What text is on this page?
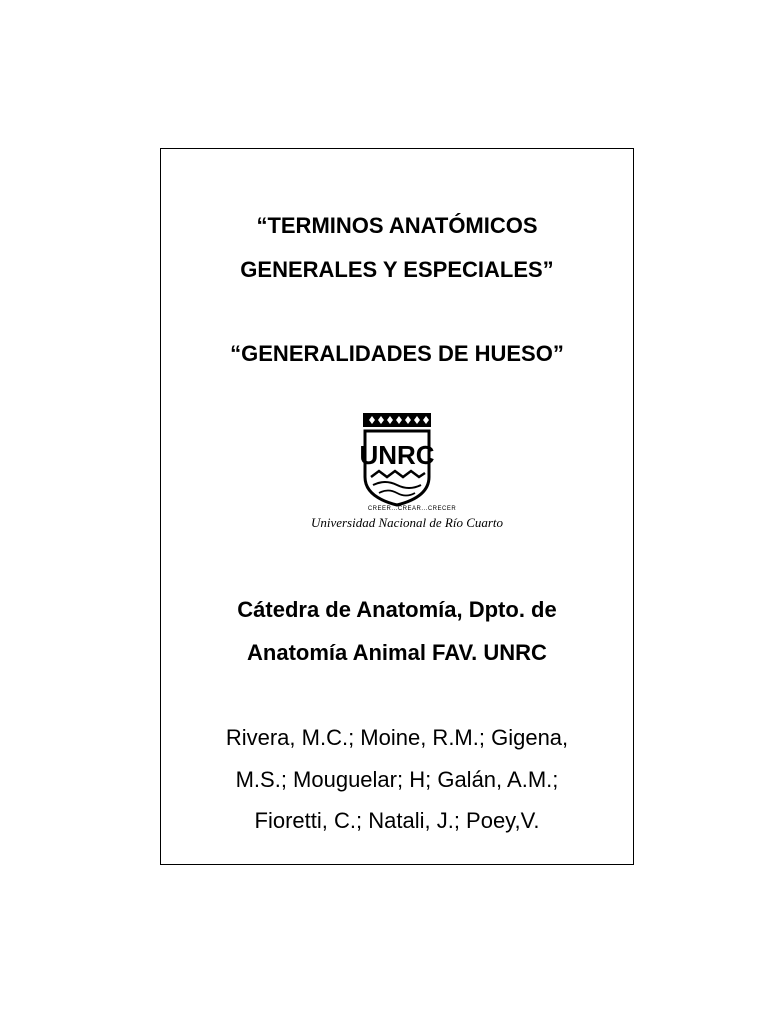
“TERMINOS ANATÓMICOS
GENERALES Y ESPECIALES”
“GENERALIDADES DE HUESO”
UNRC
CREER...CREAR...CRECER
Universidad Nacional de Río Cuarto
Cátedra de Anatomía, Dpto. de
Anatomía Animal FAV. UNRC
Rivera, M.C.; Moine, R.M.; Gigena,
M.S.; Mouguelar; H; Galán, A.M.;
Fioretti, C.; Natali, J.; Poey,V.
